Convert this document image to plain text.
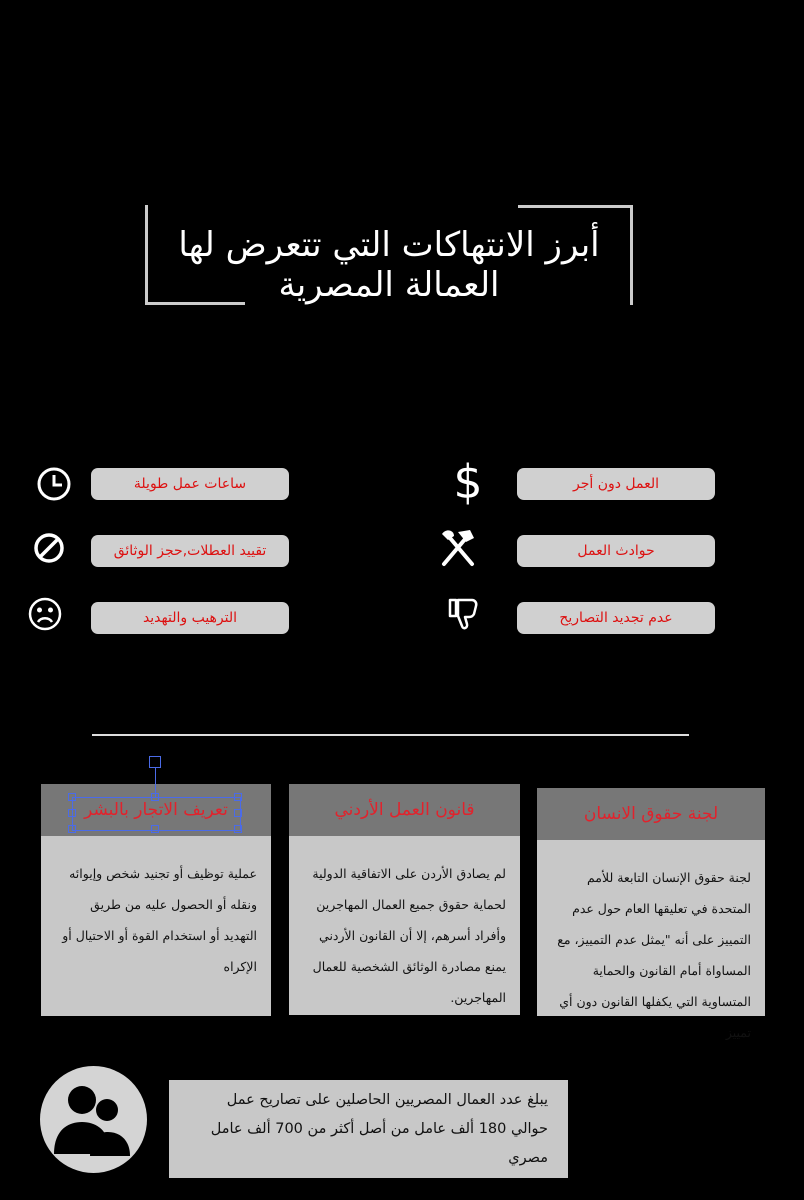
أبرز الانتهاكات التي تتعرض لها العمالة المصرية
$	العمل دون أجر
حوادث العمل
عدم تجديد التصاريح
ساعات عمل طويلة
تقييد العطلات,حجز الوثائق
الترهيب والتهديد
لجنة حقوق الانسان
لجنة حقوق الإنسان التابعة للأمم المتحدة في تعليقها العام حول عدم التمييز على أنه "يمثل عدم التمييز، مع المساواة أمام القانون والحماية المتساوية التي يكفلها القانون دون أي تمييز
قانون العمل الأردني
لم يصادق الأردن على الاتفاقية الدولية لحماية حقوق جميع العمال المهاجرين وأفراد أسرهم، إلا أن القانون الأردني يمنع مصادرة الوثائق الشخصية للعمال المهاجرين.
تعريف الاتجار بالبشر
عملية توظيف أو تجنيد شخص وإيوائه ونقله أو الحصول عليه من طريق التهديد أو استخدام القوة أو الاحتيال أو الإكراه
يبلغ عدد العمال المصريين الحاصلين على تصاريح عمل حوالي 180 ألف عامل من أصل أكثر من 700 ألف عامل مصري
